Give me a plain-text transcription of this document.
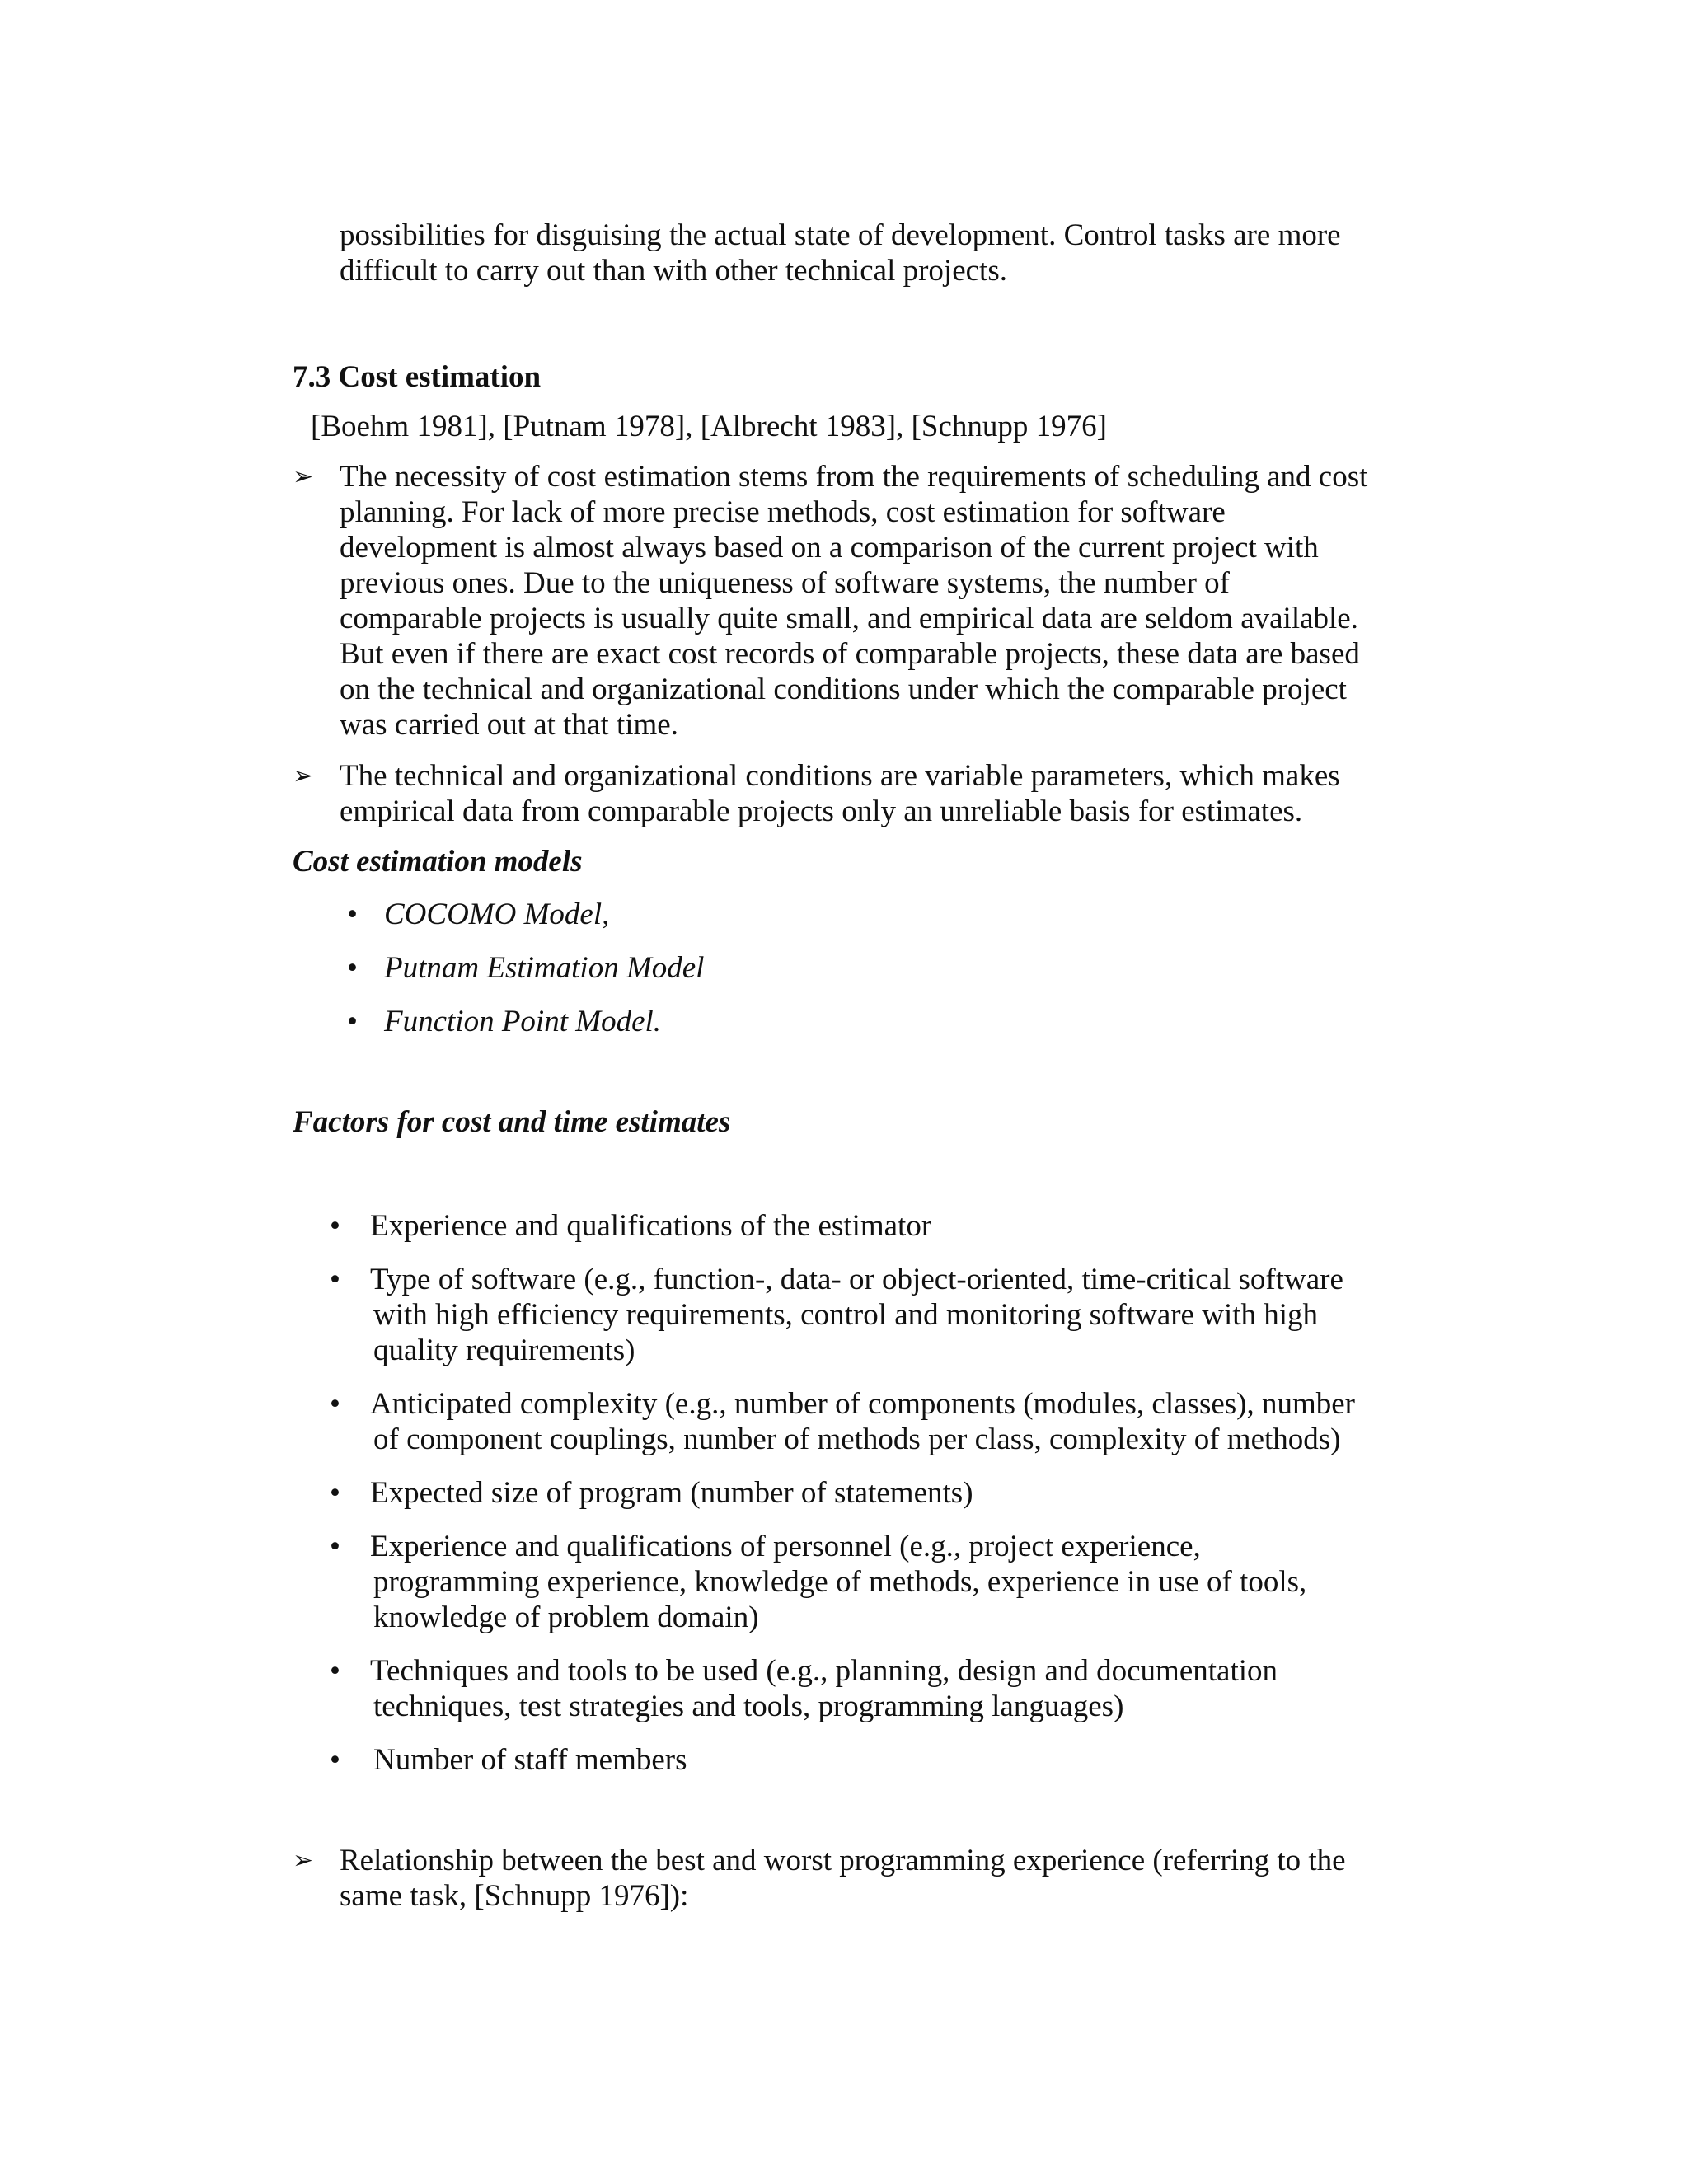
possibilities for disguising the actual state of development. Control tasks are more
difficult to carry out than with other technical projects.
7.3 Cost estimation
[Boehm 1981], [Putnam 1978], [Albrecht 1983], [Schnupp 1976]
➢ The necessity of cost estimation stems from the requirements of scheduling and cost
planning. For lack of more precise methods, cost estimation for software
development is almost always based on a comparison of the current project with
previous ones. Due to the uniqueness of software systems, the number of
comparable projects is usually quite small, and empirical data are seldom available.
But even if there are exact cost records of comparable projects, these data are based
on the technical and organizational conditions under which the comparable project
was carried out at that time.
➢ The technical and organizational conditions are variable parameters, which makes
empirical data from comparable projects only an unreliable basis for estimates.
Cost estimation models
• COCOMO Model,
• Putnam Estimation Model
• Function Point Model.
Factors for cost and time estimates
• Experience and qualifications of the estimator
• Type of software (e.g., function-, data- or object-oriented, time-critical software
with high efficiency requirements, control and monitoring software with high
quality requirements)
• Anticipated complexity (e.g., number of components (modules, classes), number
of component couplings, number of methods per class, complexity of methods)
• Expected size of program (number of statements)
• Experience and qualifications of personnel (e.g., project experience,
programming experience, knowledge of methods, experience in use of tools,
knowledge of problem domain)
• Techniques and tools to be used (e.g., planning, design and documentation
techniques, test strategies and tools, programming languages)
• Number of staff members
➢ Relationship between the best and worst programming experience (referring to the
same task, [Schnupp 1976]):
